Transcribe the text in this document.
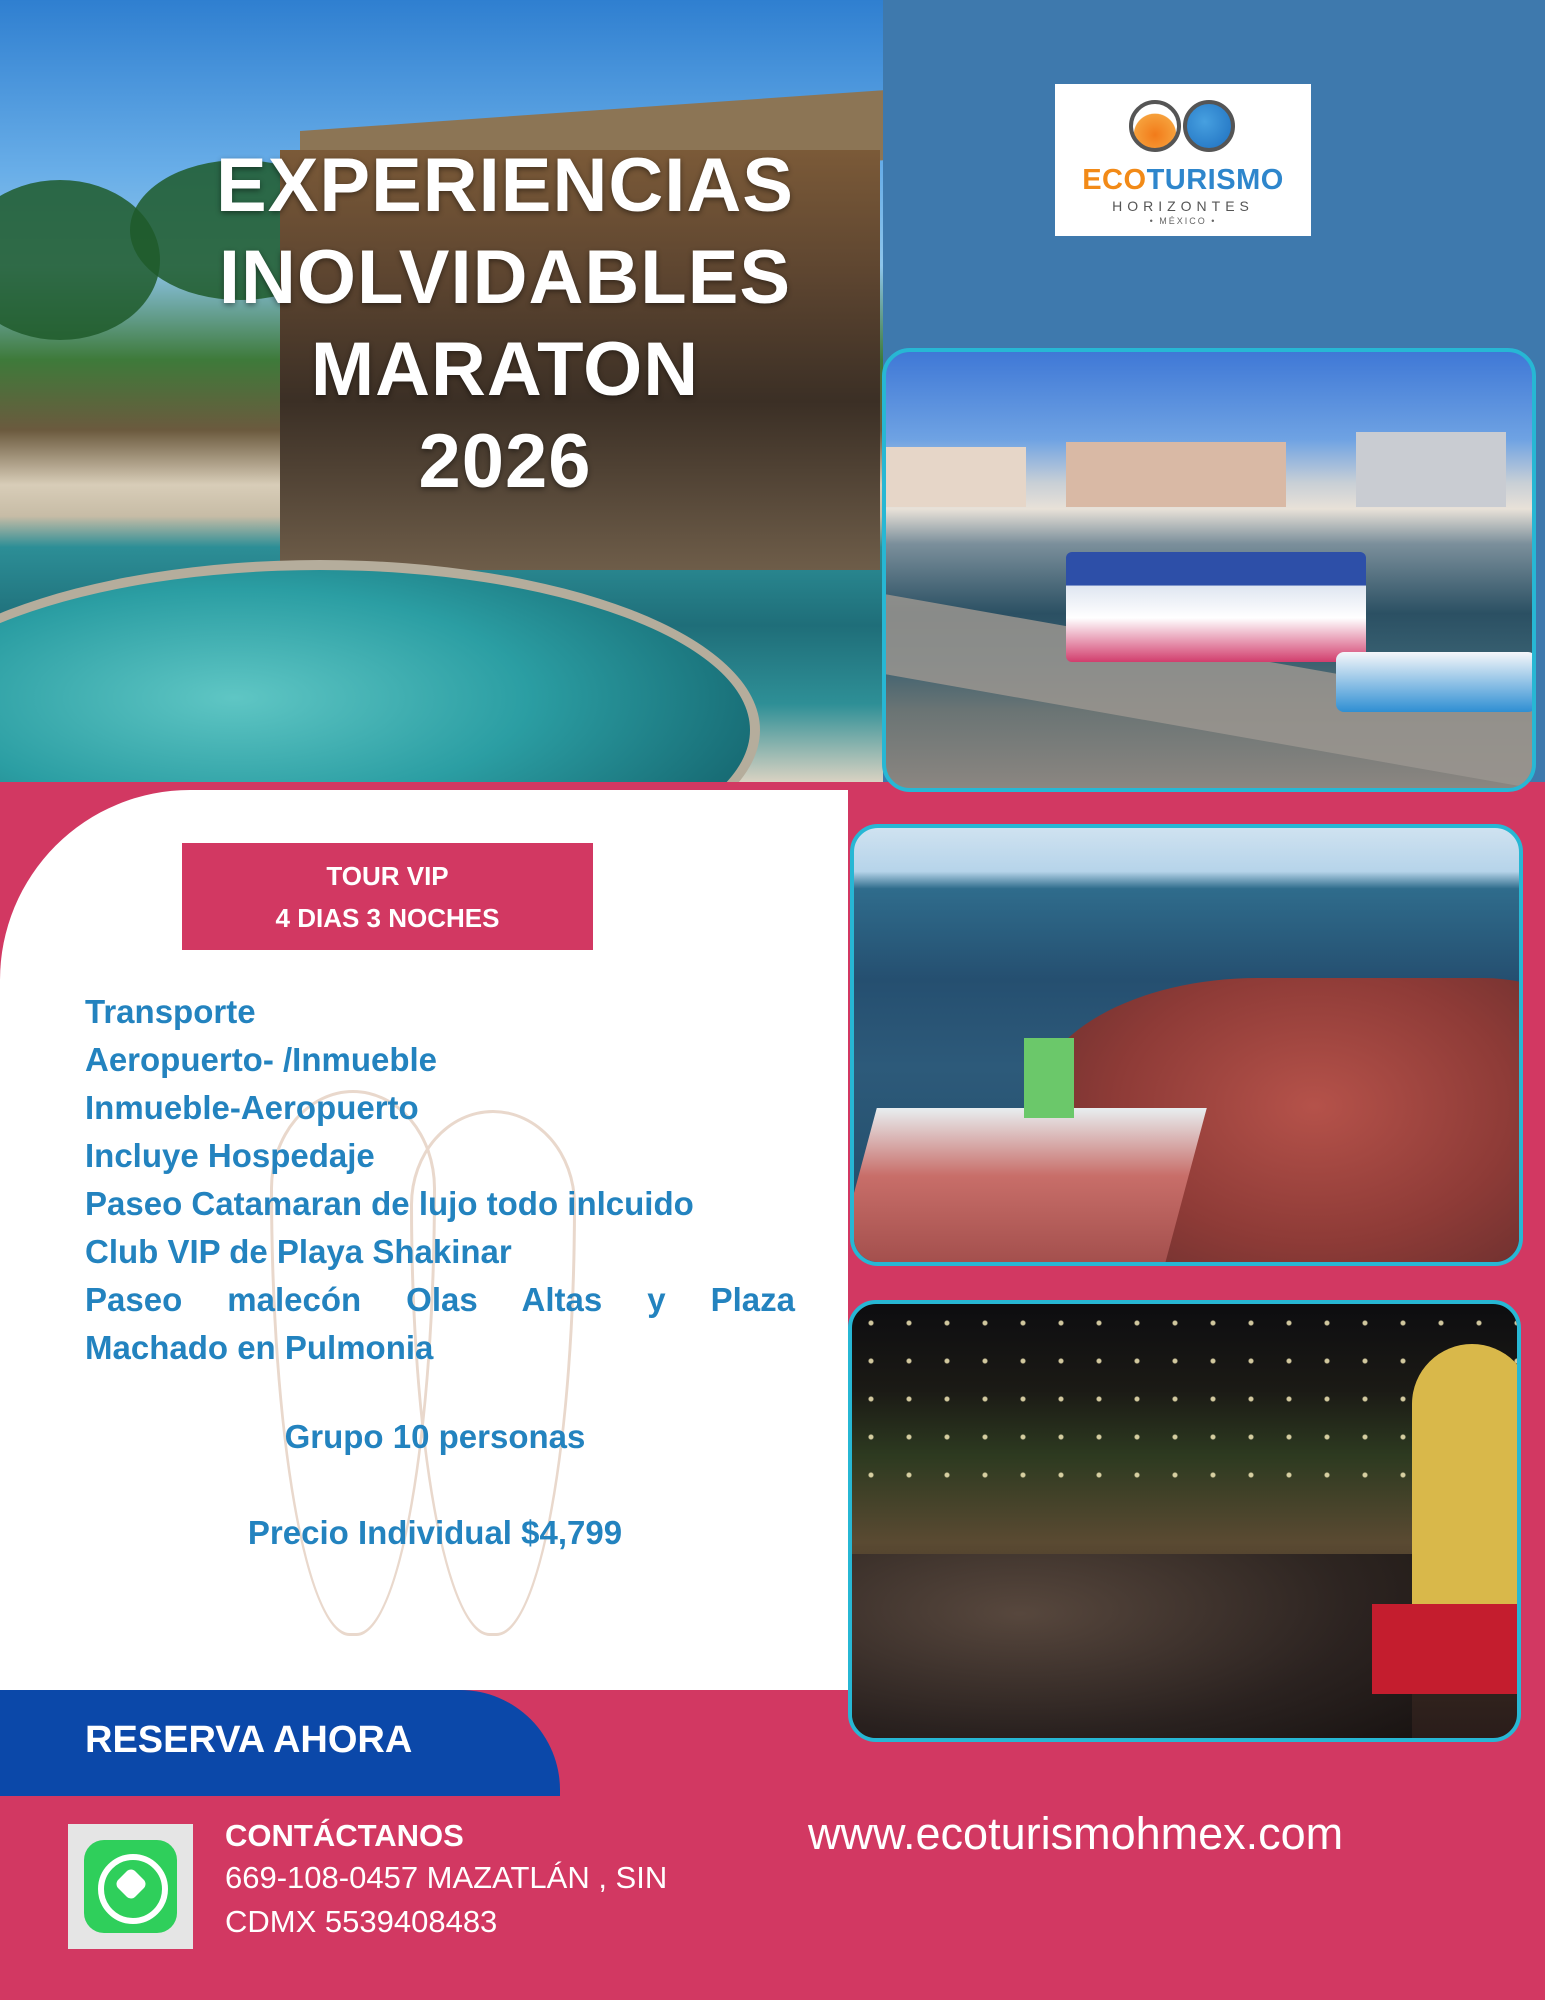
EXPERIENCIAS
INOLVIDABLES
MARATON
2026
ECOTURISMO
HORIZONTES
• MÉXICO •
TOUR VIP
4 DIAS 3 NOCHES
Transporte
Aeropuerto- /Inmueble
Inmueble-Aeropuerto
Incluye Hospedaje
Paseo Catamaran de lujo todo inlcuido
Club VIP de Playa Shakinar
Paseo malecón Olas Altas y Plaza
Machado en Pulmonia
Grupo 10 personas
Precio Individual $4,799
RESERVA AHORA
CONTÁCTANOS
669-108-0457 MAZATLÁN , SIN
CDMX 5539408483
www.ecoturismohmex.com
